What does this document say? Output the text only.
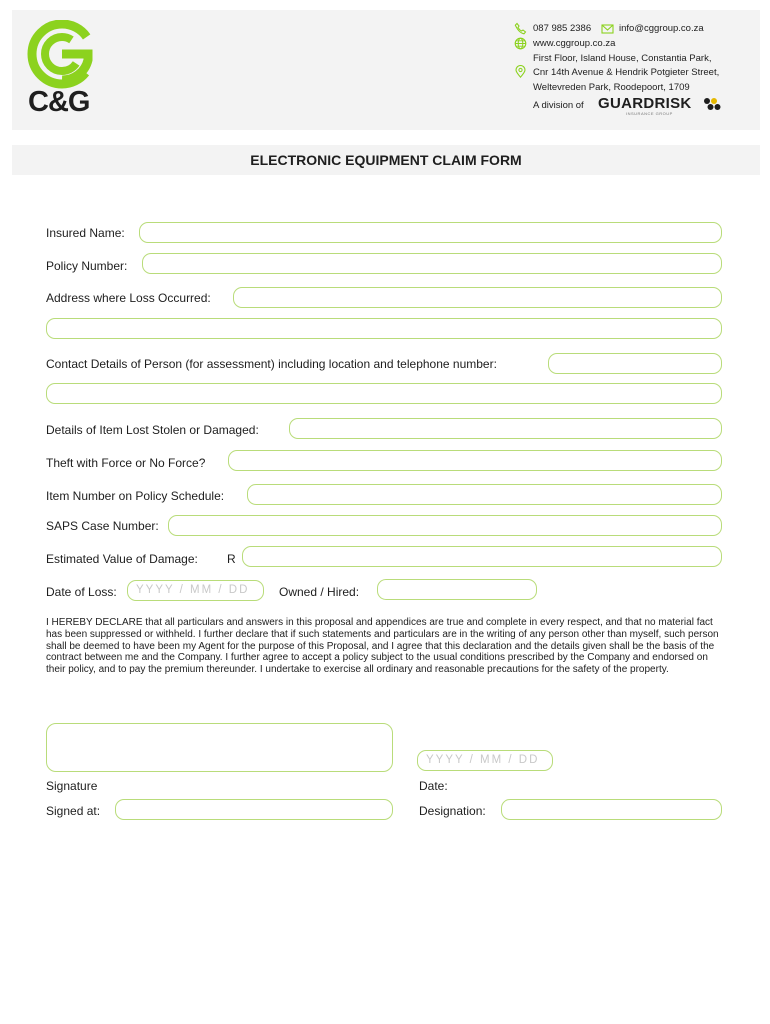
C&G
087 985 2386	info@cggroup.co.za
www.cggroup.co.za
First Floor, Island House, Constantia Park,
Cnr 14th Avenue & Hendrik Potgieter Street,
Weltevreden Park, Roodepoort, 1709
A division of GUARDRISK
INSURANCE GROUP
ELECTRONIC EQUIPMENT CLAIM FORM
Insured Name:
Policy Number:
Address where Loss Occurred:
Contact Details of Person (for assessment) including location and telephone number:
Details of Item Lost Stolen or Damaged:
Theft with Force or No Force?
Item Number on Policy Schedule:
SAPS Case Number:
Estimated Value of Damage: R
Date of Loss: YYYY / MM / DD Owned / Hired:
I HEREBY DECLARE that all particulars and answers in this proposal and appendices are true and complete in every respect, and that no material fact has been suppressed or withheld. I further declare that if such statements and particulars are in the writing of any person other than myself, such person shall be deemed to have been my Agent for the purpose of this Proposal, and I agree that this declaration and the details given shall be the basis of the contract between me and the Company. I further agree to accept a policy subject to the usual conditions prescribed by the Company and endorsed on their policy, and to pay the premium thereunder. I undertake to exercise all ordinary and reasonable precautions for the safety of the property.
YYYY / MM / DD
Signature	Date:
Signed at:	Designation:
